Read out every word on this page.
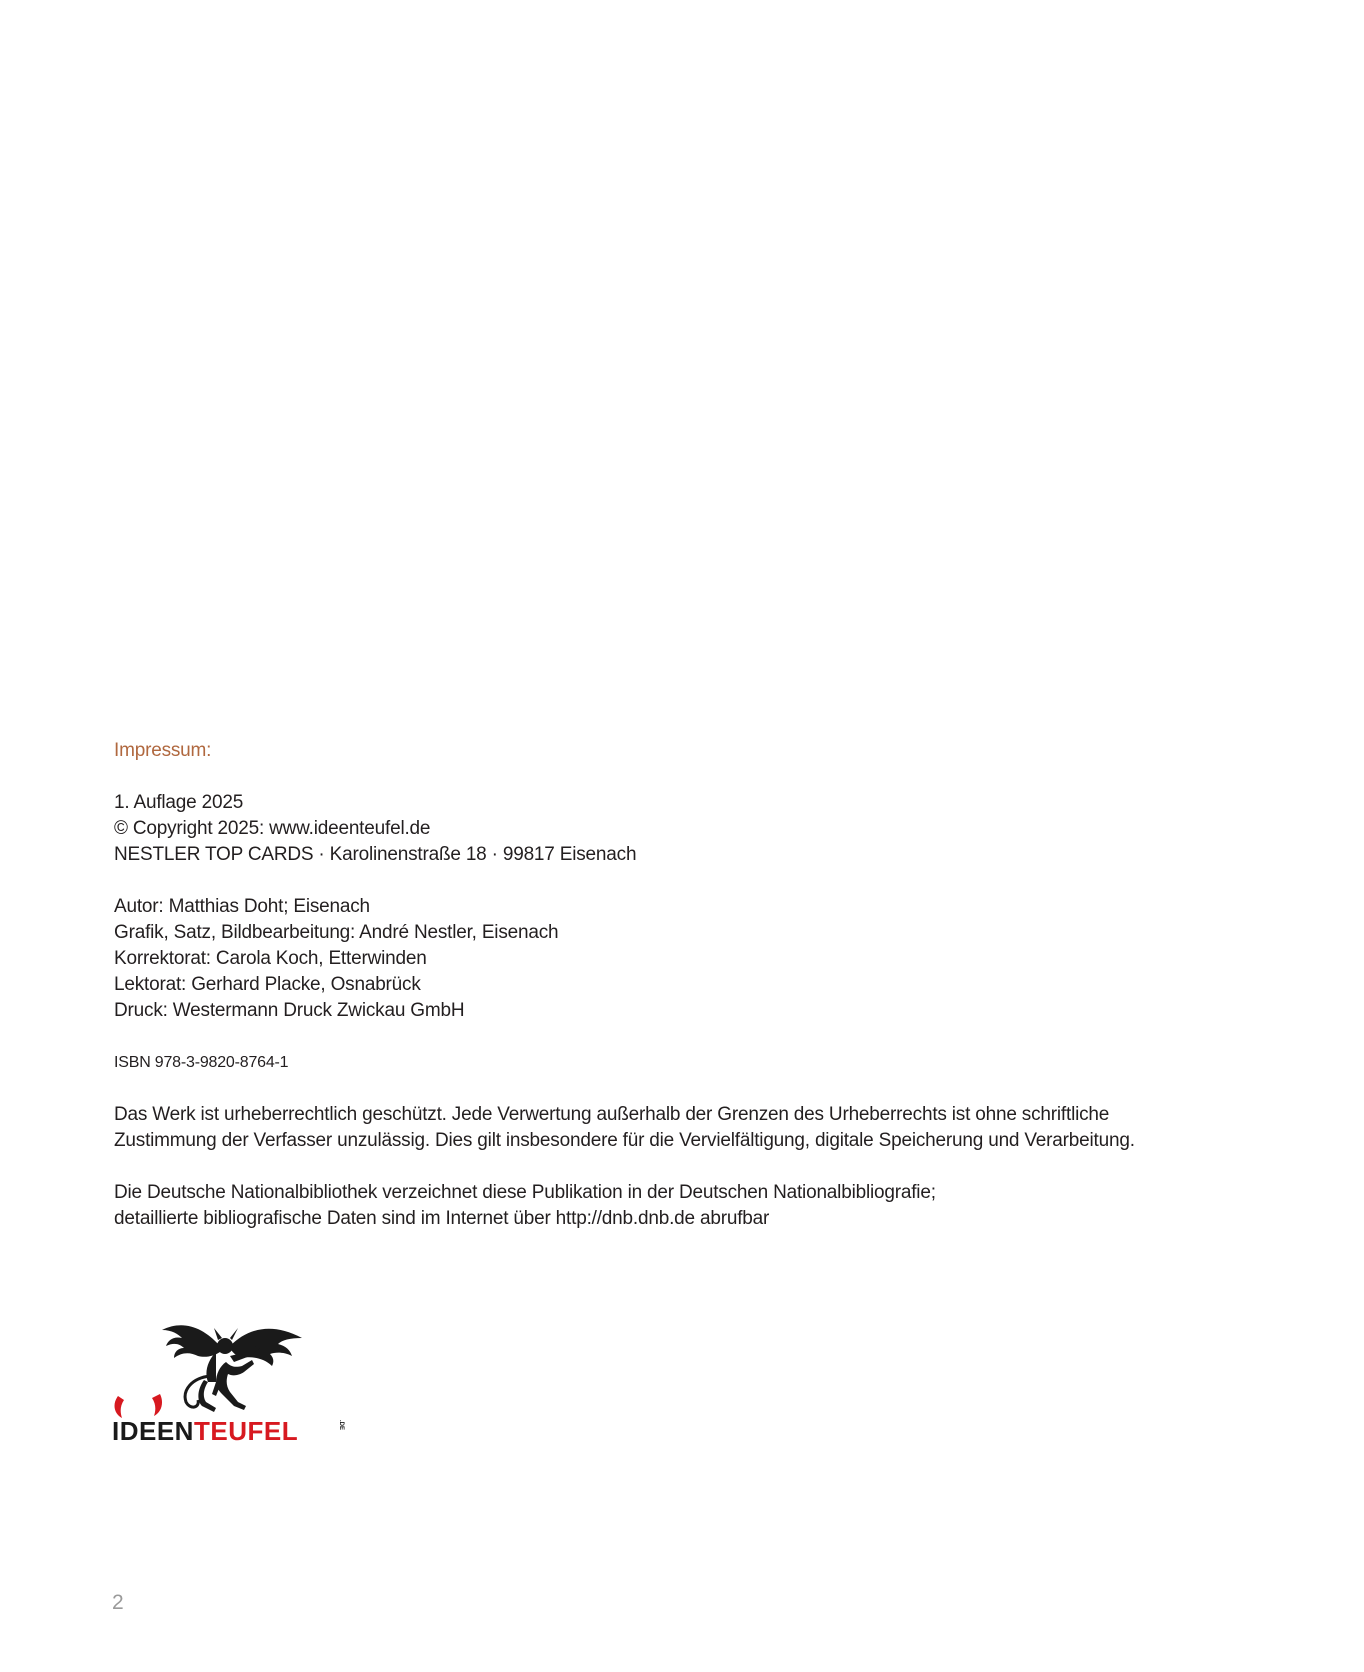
Impressum:
1. Auflage 2025
© Copyright 2025: www.ideenteufel.de
NESTLER TOP CARDS · Karolinenstraße 18 · 99817 Eisenach
Autor: Matthias Doht; Eisenach
Grafik, Satz, Bildbearbeitung: André Nestler, Eisenach
Korrektorat: Carola Koch, Etterwinden
Lektorat: Gerhard Placke, Osnabrück
Druck: Westermann Druck Zwickau GmbH
ISBN 978-3-9820-8764-1
Das Werk ist urheberrechtlich geschützt. Jede Verwertung außerhalb der Grenzen des Urheberrechts ist ohne schriftliche
Zustimmung der Verfasser unzulässig. Dies gilt insbesondere für die Vervielfältigung, digitale Speicherung und Verarbeitung.
Die Deutsche Nationalbibliothek verzeichnet diese Publikation in der Deutschen Nationalbibliografie;
detaillierte bibliografische Daten sind im Internet über http://dnb.dnb.de abrufbar
IDEENTEUFEL	.DE
2
